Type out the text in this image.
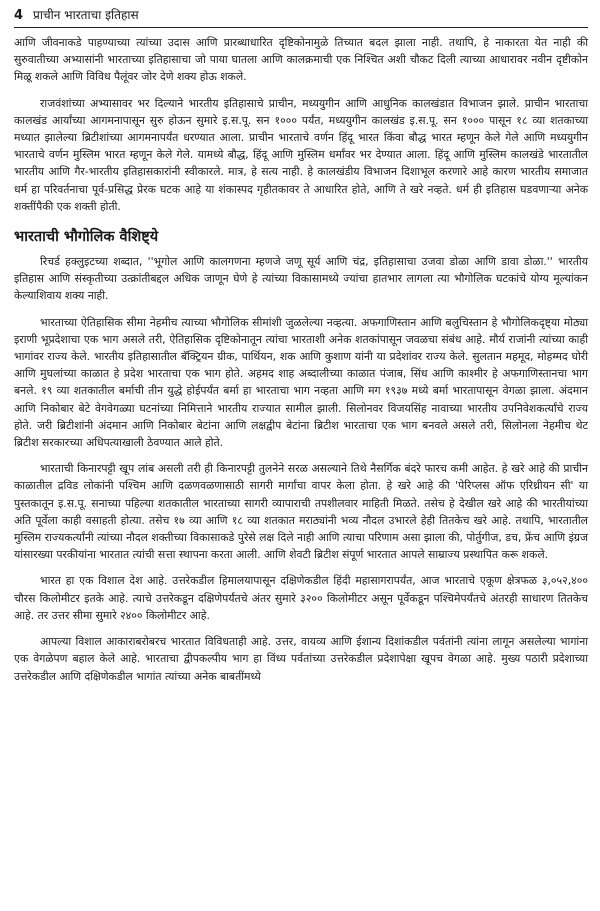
4 प्राचीन भारताचा इतिहास

आणि जीवनाकडे पाहण्याच्या त्यांच्या उदास आणि प्रारब्धाधारित दृष्टिकोनामुळे तिच्यात बदल झाला नाही. तथापि, हे नाकारता येत नाही की सुरुवातीच्या अभ्यासांनी भारताच्या इतिहासाचा जो पाया घातला आणि कालक्रमाची एक निश्चित अशी चौकट दिली त्याच्या आधारावर नवीन दृष्टीकोन मिळू शकले आणि विविध पैलूंवर जोर देणे शक्य होऊ शकले.

राजवंशांच्या अभ्यासावर भर दिल्याने भारतीय इतिहासाचे प्राचीन, मध्ययुगीन आणि आधुनिक कालखंडात विभाजन झाले. प्राचीन भारताचा कालखंड आर्यांच्या आगमनापासून सुरु होऊन सुमारे इ.स.पू. सन १००० पर्यंत, मध्ययुगीन कालखंड इ.स.पू. सन १००० पासून १८ व्या शतकाच्या मध्यात झालेल्या ब्रिटीशांच्या आगमनापर्यंत धरण्यात आला. प्राचीन भारताचे वर्णन हिंदू भारत किंवा बौद्ध भारत म्हणून केले गेले आणि मध्ययुगीन भारताचे वर्णन मुस्लिम भारत म्हणून केले गेले. यामध्ये बौद्ध, हिंदू आणि मुस्लिम धर्मांवर भर देण्यात आला. हिंदू आणि मुस्लिम कालखंडे भारतातील भारतीय आणि गैर-भारतीय इतिहासकारांनी स्वीकारले. मात्र, हे सत्य नाही. हे कालखंडीय विभाजन दिशाभूल करणारे आहे कारण भारतीय समाजात धर्म हा परिवर्तनाचा पूर्व-प्रसिद्ध प्रेरक घटक आहे या शंकास्पद गृहीतकावर ते आधारित होते, आणि ते खरे नव्हते. धर्म ही इतिहास घडवणाऱ्या अनेक शक्तींपैकी एक शक्ती होती.

भारताची भौगोलिक वैशिष्ट्ये

रिचर्ड हक्लुइटच्या शब्दात, ''भूगोल आणि कालगणना म्हणजे जणू सूर्य आणि चंद्र, इतिहासाचा उजवा डोळा आणि डावा डोळा.'' भारतीय इतिहास आणि संस्कृतीच्या उत्क्रांतीबद्दल अधिक जाणून घेणे हे त्यांच्या विकासामध्ये ज्यांचा हातभार लागला त्या भौगोलिक घटकांचे योग्य मूल्यांकन केल्याशिवाय शक्य नाही.

भारताच्या ऐतिहासिक सीमा नेहमीच त्याच्या भौगोलिक सीमांशी जुळलेल्या नव्हत्या. अफगाणिस्तान आणि बलुचिस्तान हे भौगोलिकदृष्ट्या मोठ्या इराणी भूप्रदेशाचा एक भाग असले तरी, ऐतिहासिक दृष्टिकोनातून त्यांचा भारताशी अनेक शतकांपासून जवळचा संबंध आहे. मौर्य राजांनी त्यांच्या काही भागांवर राज्य केले. भारतीय इतिहासातील बॅक्ट्रियन ग्रीक, पार्थियन, शक आणि कुशाण यांनी या प्रदेशांवर राज्य केले. सुलतान महमूद, मोहम्मद घोरी आणि मुघलांच्या काळात हे प्रदेश भारताचा एक भाग होते. अहमद शाह अब्दालीच्या काळात पंजाब, सिंध आणि काश्मीर हे अफगाणिस्तानचा भाग बनले. १९ व्या शतकातील बर्माची तीन युद्धे होईपर्यंत बर्मा हा भारताचा भाग नव्हता आणि मग १९३७ मध्ये बर्मा भारतापासून वेगळा झाला. अंदमान आणि निकोबार बेटे वेगवेगळ्या घटनांच्या निमित्ताने भारतीय राज्यात सामील झाली. सिलोनवर विजयसिंह नावाच्या भारतीय उपनिवेशकर्त्यांचे राज्य होते. जरी ब्रिटीशांनी अंदमान आणि निकोबार बेटांना आणि लक्षद्वीप बेटांना ब्रिटीश भारताचा एक भाग बनवले असले तरी, सिलोनला नेहमीच थेट ब्रिटीश सरकारच्या अधिपत्याखाली ठेवण्यात आले होते.

भारताची किनारपट्टी खूप लांब असली तरी ही किनारपट्टी तुलनेने सरळ असल्याने तिथे नैसर्गिक बंदरे फारच कमी आहेत. हे खरे आहे की प्राचीन काळातील द्रविड लोकांनी पश्चिम आणि दळणवळणासाठी सागरी मार्गांचा वापर केला होता. हे खरे आहे की 'पेरिप्लस ऑफ एरिथ्रीयन सी' या पुस्तकातून इ.स.पू. सनाच्या पहिल्या शतकातील भारताच्या सागरी व्यापाराची तपशीलवार माहिती मिळते. तसेच हे देखील खरे आहे की भारतीयांच्या अति पूर्वेला काही वसाहती होत्या. तसेच १७ व्या आणि १८ व्या शतकात मराठ्यांनी भव्य नौदल उभारले हेही तितकेच खरे आहे. तथापि, भारतातील मुस्लिम राज्यकर्त्यांनी त्यांच्या नौदल शक्तीच्या विकासाकडे पुरेसे लक्ष दिले नाही आणि त्याचा परिणाम असा झाला की, पोर्तुगीज, डच, फ्रेंच आणि इंग्रज यांसारख्या परकीयांना भारतात त्यांची सत्ता स्थापना करता आली. आणि शेवटी ब्रिटीश संपूर्ण भारतात आपले साम्राज्य प्रस्थापित करू शकले.

भारत हा एक विशाल देश आहे. उत्तरेकडील हिमालयापासून दक्षिणेकडील हिंदी महासागरापर्यंत, आज भारताचे एकूण क्षेत्रफळ ३,०५२,४०० चौरस किलोमीटर इतके आहे. त्याचे उत्तरेकडून दक्षिणेपर्यंतचे अंतर सुमारे ३२०० किलोमीटर असून पूर्वेकडून पश्चिमेपर्यंतचे अंतरही साधारण तितकेच आहे. तर उत्तर सीमा सुमारे २४०० किलोमीटर आहे.

आपल्या विशाल आकाराबरोबरच भारतात विविधताही आहे. उत्तर, वायव्य आणि ईशान्य दिशांकडील पर्वतांनी त्यांना लागून असलेल्या भागांना एक वेगळेपण बहाल केले आहे. भारताचा द्वीपकल्पीय भाग हा विंध्य पर्वतांच्या उत्तरेकडील प्रदेशापेक्षा खूपच वेगळा आहे. मुख्य पठारी प्रदेशाच्या उत्तरेकडील आणि दक्षिणेकडील भागांत त्यांच्या अनेक बाबतींमध्ये
